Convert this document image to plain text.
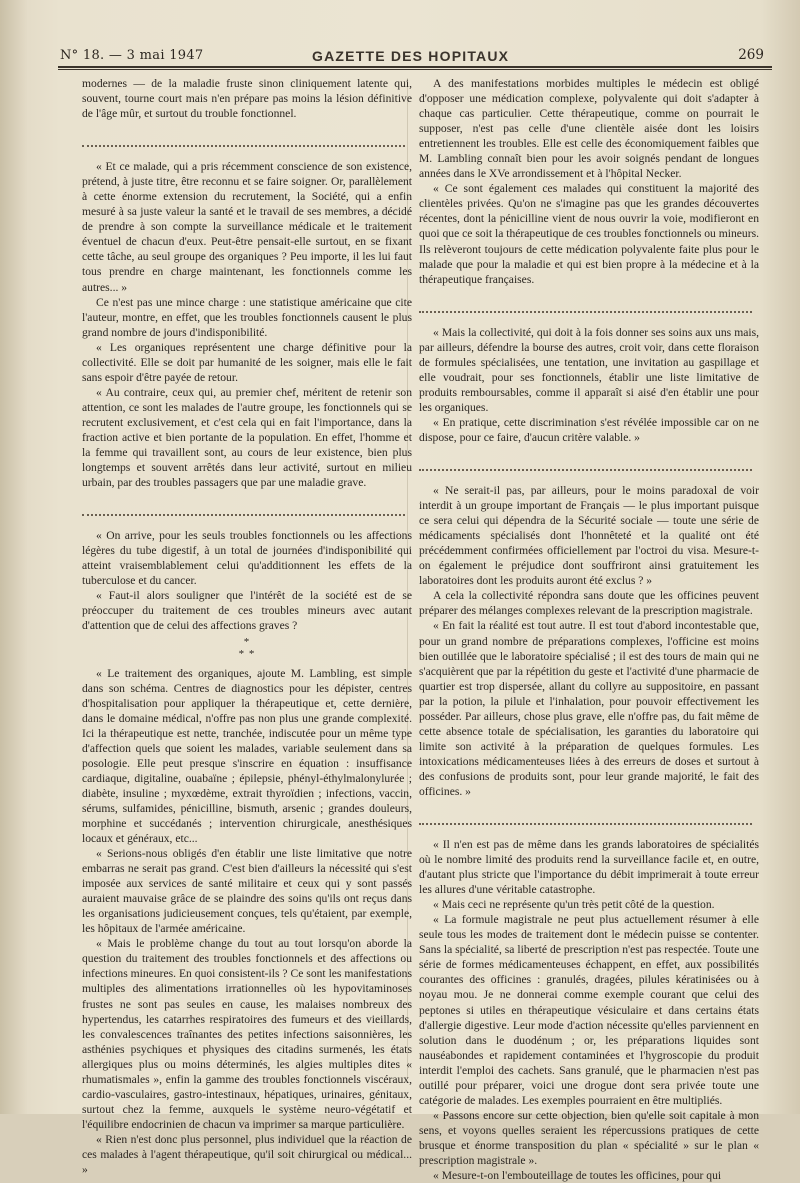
N° 18. — 3 mai 1947	GAZETTE DES HOPITAUX	269

modernes — de la maladie fruste sinon cliniquement latente qui, souvent, tourne court mais n'en prépare pas moins la lésion définitive de l'âge mûr, et surtout du trouble fonctionnel.

« Et ce malade, qui a pris récemment conscience de son existence, prétend, à juste titre, être reconnu et se faire soigner. Or, parallèlement à cette énorme extension du recrutement, la Société, qui a enfin mesuré à sa juste valeur la santé et le travail de ses membres, a décidé de prendre à son compte la surveillance médicale et le traitement éventuel de chacun d'eux. Peut-être pensait-elle surtout, en se fixant cette tâche, au seul groupe des organiques ? Peu importe, il les lui faut tous prendre en charge maintenant, les fonctionnels comme les autres... »

Ce n'est pas une mince charge : une statistique américaine que cite l'auteur, montre, en effet, que les troubles fonctionnels causent le plus grand nombre de jours d'indisponibilité.

« Les organiques représentent une charge définitive pour la collectivité. Elle se doit par humanité de les soigner, mais elle le fait sans espoir d'être payée de retour.

« Au contraire, ceux qui, au premier chef, méritent de retenir son attention, ce sont les malades de l'autre groupe, les fonctionnels qui se recrutent exclusivement, et c'est cela qui en fait l'importance, dans la fraction active et bien portante de la population. En effet, l'homme et la femme qui travaillent sont, au cours de leur existence, bien plus longtemps et souvent arrêtés dans leur activité, surtout en milieu urbain, par des troubles passagers que par une maladie grave.

« On arrive, pour les seuls troubles fonctionnels ou les affections légères du tube digestif, à un total de journées d'indisponibilité qui atteint vraisemblablement celui qu'additionnent les effets de la tuberculose et du cancer.

« Faut-il alors souligner que l'intérêt de la société est de se préoccuper du traitement de ces troubles mineurs avec autant d'attention que de celui des affections graves ?

*
* *

« Le traitement des organiques, ajoute M. Lambling, est simple dans son schéma. Centres de diagnostics pour les dépister, centres d'hospitalisation pour appliquer la thérapeutique et, cette dernière, dans le domaine médical, n'offre pas non plus une grande complexité. Ici la thérapeutique est nette, tranchée, indiscutée pour un même type d'affection quels que soient les malades, variable seulement dans sa posologie. Elle peut presque s'inscrire en équation : insuffisance cardiaque, digitaline, ouabaïne ; épilepsie, phényl-éthylmalonylurée ; diabète, insuline ; myxœdème, extrait thyroïdien ; infections, vaccin, sérums, sulfamides, pénicilline, bismuth, arsenic ; grandes douleurs, morphine et succédanés ; intervention chirurgicale, anesthésiques locaux et généraux, etc...

« Serions-nous obligés d'en établir une liste limitative que notre embarras ne serait pas grand. C'est bien d'ailleurs la nécessité qui s'est imposée aux services de santé militaire et ceux qui y sont passés auraient mauvaise grâce de se plaindre des soins qu'ils ont reçus dans les organisations judicieusement conçues, tels qu'étaient, par exemple, les hôpitaux de l'armée américaine.

« Mais le problème change du tout au tout lorsqu'on aborde la question du traitement des troubles fonctionnels et des affections ou infections mineures. En quoi consistent-ils ? Ce sont les manifestations multiples des alimentations irrationnelles où les hypovitaminoses frustes ne sont pas seules en cause, les malaises nombreux des hypertendus, les catarrhes respiratoires des fumeurs et des vieillards, les convalescences traînantes des petites infections saisonnières, les asthénies psychiques et physiques des citadins surmenés, les états allergiques plus ou moins déterminés, les algies multiples dites « rhumatismales », enfin la gamme des troubles fonctionnels viscéraux, cardio-vasculaires, gastro-intestinaux, hépatiques, urinaires, génitaux, surtout chez la femme, auxquels le système neuro-végétatif et l'équilibre endocrinien de chacun va imprimer sa marque particulière.

« Rien n'est donc plus personnel, plus individuel que la réaction de ces malades à l'agent thérapeutique, qu'il soit chirurgical ou médical... »

A des manifestations morbides multiples le médecin est obligé d'opposer une médication complexe, polyvalente qui doit s'adapter à chaque cas particulier. Cette thérapeutique, comme on pourrait le supposer, n'est pas celle d'une clientèle aisée dont les loisirs entretiennent les troubles. Elle est celle des économiquement faibles que M. Lambling connaît bien pour les avoir soignés pendant de longues années dans le XVe arrondissement et à l'hôpital Necker.

« Ce sont également ces malades qui constituent la majorité des clientèles privées. Qu'on ne s'imagine pas que les grandes découvertes récentes, dont la pénicilline vient de nous ouvrir la voie, modifieront en quoi que ce soit la thérapeutique de ces troubles fonctionnels ou mineurs. Ils relèveront toujours de cette médication polyvalente faite plus pour le malade que pour la maladie et qui est bien propre à la médecine et à la thérapeutique françaises.

« Mais la collectivité, qui doit à la fois donner ses soins aux uns mais, par ailleurs, défendre la bourse des autres, croit voir, dans cette floraison de formules spécialisées, une tentation, une invitation au gaspillage et elle voudrait, pour ses fonctionnels, établir une liste limitative de produits remboursables, comme il apparaît si aisé d'en établir une pour les organiques.

« En pratique, cette discrimination s'est révélée impossible car on ne dispose, pour ce faire, d'aucun critère valable. »

« Ne serait-il pas, par ailleurs, pour le moins paradoxal de voir interdit à un groupe important de Français — le plus important puisque ce sera celui qui dépendra de la Sécurité sociale — toute une série de médicaments spécialisés dont l'honnêteté et la qualité ont été précédemment confirmées officiellement par l'octroi du visa. Mesure-t-on également le préjudice dont souffriront ainsi gratuitement les laboratoires dont les produits auront été exclus ? »

A cela la collectivité répondra sans doute que les officines peuvent préparer des mélanges complexes relevant de la prescription magistrale.

« En fait la réalité est tout autre. Il est tout d'abord incontestable que, pour un grand nombre de préparations complexes, l'officine est moins bien outillée que le laboratoire spécialisé ; il est des tours de main qui ne s'acquièrent que par la répétition du geste et l'activité d'une pharmacie de quartier est trop dispersée, allant du collyre au suppositoire, en passant par la potion, la pilule et l'inhalation, pour pouvoir effectivement les posséder. Par ailleurs, chose plus grave, elle n'offre pas, du fait même de cette absence totale de spécialisation, les garanties du laboratoire qui limite son activité à la préparation de quelques formules. Les intoxications médicamenteuses liées à des erreurs de doses et surtout à des confusions de produits sont, pour leur grande majorité, le fait des officines. »

« Il n'en est pas de même dans les grands laboratoires de spécialités où le nombre limité des produits rend la surveillance facile et, en outre, d'autant plus stricte que l'importance du débit imprimerait à toute erreur les allures d'une véritable catastrophe.

« Mais ceci ne représente qu'un très petit côté de la question.

« La formule magistrale ne peut plus actuellement résumer à elle seule tous les modes de traitement dont le médecin puisse se contenter. Sans la spécialité, sa liberté de prescription n'est pas respectée. Toute une série de formes médicamenteuses échappent, en effet, aux possibilités courantes des officines : granulés, dragées, pilules kératinisées ou à noyau mou. Je ne donnerai comme exemple courant que celui des peptones si utiles en thérapeutique vésiculaire et dans certains états d'allergie digestive. Leur mode d'action nécessite qu'elles parviennent en solution dans le duodénum ; or, les préparations liquides sont nauséabondes et rapidement contaminées et l'hygroscopie du produit interdit l'emploi des cachets. Sans granulé, que le pharmacien n'est pas outillé pour préparer, voici une drogue dont sera privée toute une catégorie de malades. Les exemples pourraient en être multipliés.

« Passons encore sur cette objection, bien qu'elle soit capitale à mon sens, et voyons quelles seraient les répercussions pratiques de cette brusque et énorme transposition du plan « spécialité » sur le plan « prescription magistrale ».

« Mesure-t-on l'embouteillage de toutes les officines, pour qui
